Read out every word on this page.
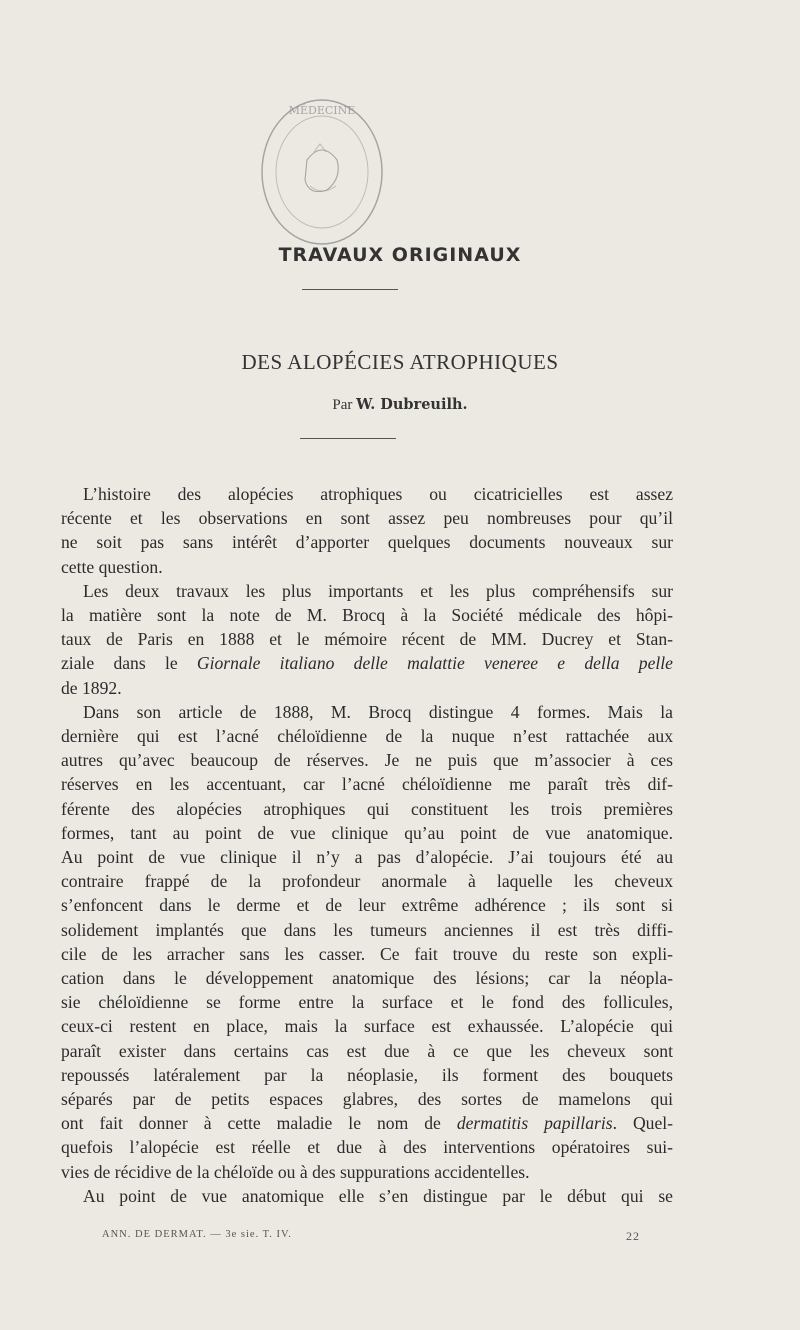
MÉDECINE
TRAVAUX ORIGINAUX
DES ALOPÉCIES ATROPHIQUES
Par W. Dubreuilh.
L’histoire des alopécies atrophiques ou cicatricielles est assez
récente et les observations en sont assez peu nombreuses pour qu’il
ne soit pas sans intérêt d’apporter quelques documents nouveaux sur
cette question.
Les deux travaux les plus importants et les plus compréhensifs sur
la matière sont la note de M. Brocq à la Société médicale des hôpi-
taux de Paris en 1888 et le mémoire récent de MM. Ducrey et Stan-
ziale dans le Giornale italiano delle malattie veneree e della pelle
de 1892.
Dans son article de 1888, M. Brocq distingue 4 formes. Mais la
dernière qui est l’acné chéloïdienne de la nuque n’est rattachée aux
autres qu’avec beaucoup de réserves. Je ne puis que m’associer à ces
réserves en les accentuant, car l’acné chéloïdienne me paraît très dif-
férente des alopécies atrophiques qui constituent les trois premières
formes, tant au point de vue clinique qu’au point de vue anatomique.
Au point de vue clinique il n’y a pas d’alopécie. J’ai toujours été au
contraire frappé de la profondeur anormale à laquelle les cheveux
s’enfoncent dans le derme et de leur extrême adhérence ; ils sont si
solidement implantés que dans les tumeurs anciennes il est très diffi-
cile de les arracher sans les casser. Ce fait trouve du reste son expli-
cation dans le développement anatomique des lésions; car la néopla-
sie chéloïdienne se forme entre la surface et le fond des follicules,
ceux-ci restent en place, mais la surface est exhaussée. L’alopécie qui
paraît exister dans certains cas est due à ce que les cheveux sont
repoussés latéralement par la néoplasie, ils forment des bouquets
séparés par de petits espaces glabres, des sortes de mamelons qui
ont fait donner à cette maladie le nom de dermatitis papillaris. Quel-
quefois l’alopécie est réelle et due à des interventions opératoires sui-
vies de récidive de la chéloïde ou à des suppurations accidentelles.
Au point de vue anatomique elle s’en distingue par le début qui se
ANN. DE DERMAT. — 3e sie. T. IV.	22
